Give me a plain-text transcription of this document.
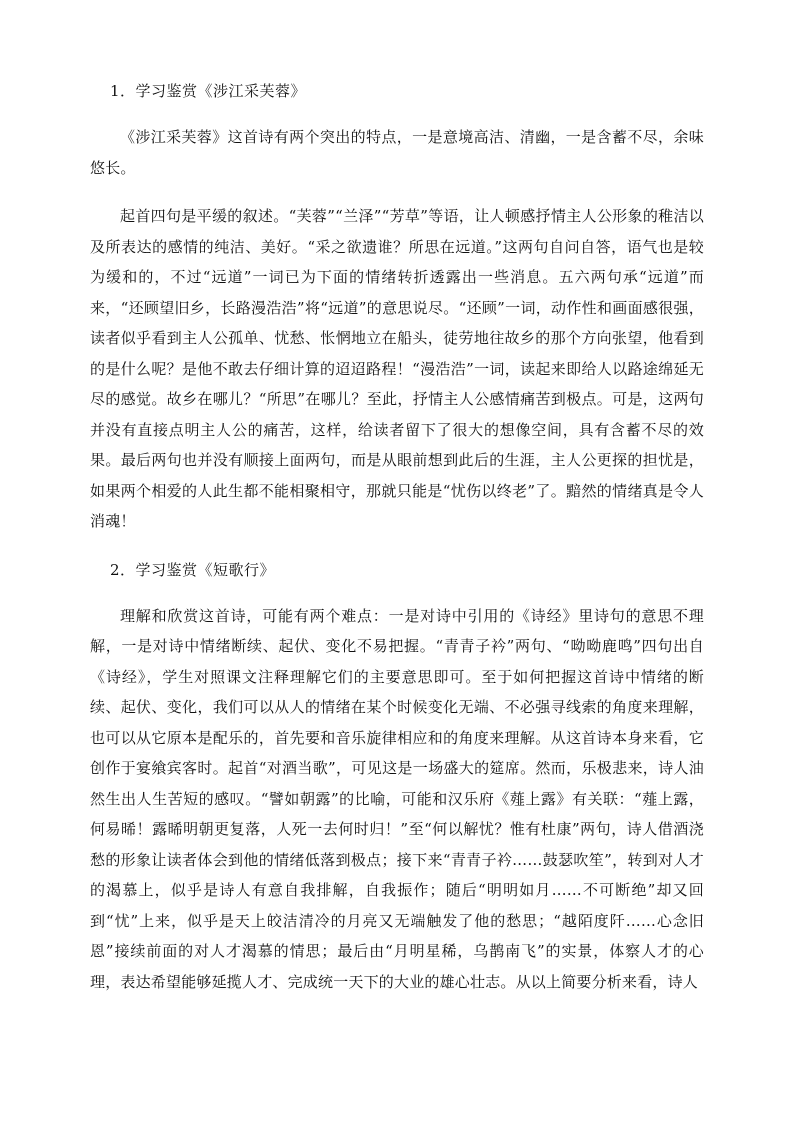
1．学习鉴赏《涉江采芙蓉》

《涉江采芙蓉》这首诗有两个突出的特点，一是意境高洁、清幽，一是含蓄不尽，余味悠长。

起首四句是平缓的叙述。“芙蓉”“兰泽”“芳草”等语，让人顿感抒情主人公形象的稚洁以及所表达的感情的纯洁、美好。“采之欲遗谁？所思在远道。”这两句自问自答，语气也是较为缓和的，不过“远道”一词已为下面的情绪转折透露出一些消息。五六两句承“远道”而来，“还顾望旧乡，长路漫浩浩”将“远道”的意思说尽。“还顾”一词，动作性和画面感很强，读者似乎看到主人公孤单、忧愁、怅惘地立在船头，徒劳地往故乡的那个方向张望，他看到的是什么呢？是他不敢去仔细计算的迢迢路程！“漫浩浩”一词，读起来即给人以路途绵延无尽的感觉。故乡在哪儿？“所思”在哪儿？至此，抒情主人公感情痛苦到极点。可是，这两句并没有直接点明主人公的痛苦，这样，给读者留下了很大的想像空间，具有含蓄不尽的效果。最后两句也并没有顺接上面两句，而是从眼前想到此后的生涯，主人公更探的担忧是，如果两个相爱的人此生都不能相聚相守，那就只能是“忧伤以终老”了。黯然的情绪真是令人消魂！

2．学习鉴赏《短歌行》

理解和欣赏这首诗，可能有两个难点：一是对诗中引用的《诗经》里诗句的意思不理解，一是对诗中情绪断续、起伏、变化不易把握。“青青子衿”两句、“呦呦鹿鸣”四句出自《诗经》，学生对照课文注释理解它们的主要意思即可。至于如何把握这首诗中情绪的断续、起伏、变化，我们可以从人的情绪在某个时候变化无端、不必强寻线索的角度来理解，也可以从它原本是配乐的，首先要和音乐旋律相应和的角度来理解。从这首诗本身来看，它创作于宴飨宾客时。起首“对酒当歌”，可见这是一场盛大的筵席。然而，乐极悲来，诗人油然生出人生苦短的感叹。“譬如朝露”的比喻，可能和汉乐府《薤上露》有关联：“薤上露，何易晞！露晞明朝更复落，人死一去何时归！”至“何以解忧？惟有杜康”两句，诗人借酒浇愁的形象让读者体会到他的情绪低落到极点；接下来“青青子衿……鼓瑟吹笙”，转到对人才的渴慕上，似乎是诗人有意自我排解，自我振作；随后“明明如月……不可断绝”却又回到“忧”上来，似乎是天上皎洁清冷的月亮又无端触发了他的愁思；“越陌度阡……心念旧恩”接续前面的对人才渴慕的情思；最后由“月明星稀，乌鹊南飞”的实景，体察人才的心理，表达希望能够延揽人才、完成统一天下的大业的雄心壮志。从以上简要分析来看，诗人
